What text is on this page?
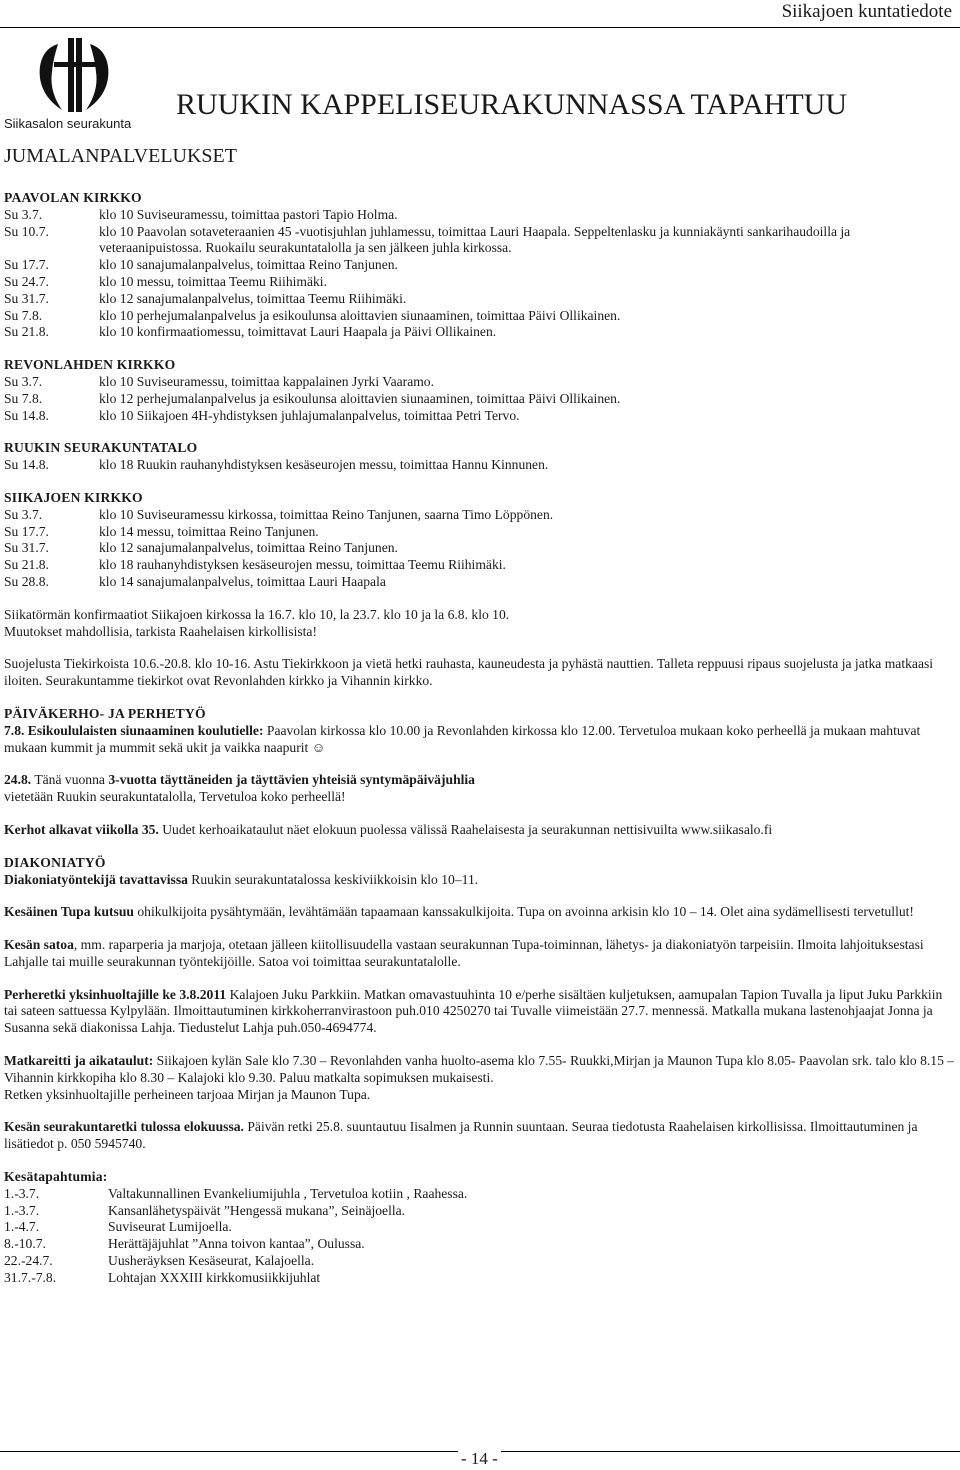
Siikajoen kuntatiedote
Siikasalon seurakunta
RUUKIN KAPPELISEURAKUNNASSA TAPAHTUU
JUMALANPALVELUKSET
PAAVOLAN KIRKKO
Su 3.7.	klo 10 Suviseuramessu, toimittaa pastori Tapio Holma.
Su 10.7.	klo 10 Paavolan sotaveteraanien 45 -vuotisjuhlan juhlamessu, toimittaa Lauri Haapala. Seppeltenlasku ja kunniakäynti sankarihaudoilla ja veteraanipuistossa. Ruokailu seurakuntatalolla ja sen jälkeen juhla kirkossa.
Su 17.7.	klo 10 sanajumalanpalvelus, toimittaa Reino Tanjunen.
Su 24.7.	klo 10 messu, toimittaa Teemu Riihimäki.
Su 31.7.	klo 12 sanajumalanpalvelus, toimittaa Teemu Riihimäki.
Su 7.8.	klo 10 perhejumalanpalvelus ja esikoulunsa aloittavien siunaaminen, toimittaa Päivi Ollikainen.
Su 21.8.	klo 10 konfirmaatiomessu, toimittavat Lauri Haapala ja Päivi Ollikainen.
REVONLAHDEN KIRKKO
Su 3.7.	klo 10 Suviseuramessu, toimittaa kappalainen Jyrki Vaaramo.
Su 7.8.	klo 12 perhejumalanpalvelus ja esikoulunsa aloittavien siunaaminen, toimittaa Päivi Ollikainen.
Su 14.8.	klo 10 Siikajoen 4H-yhdistyksen juhlajumalanpalvelus, toimittaa Petri Tervo.
RUUKIN SEURAKUNTATALO
Su 14.8.	klo 18 Ruukin rauhanyhdistyksen kesäseurojen messu, toimittaa Hannu Kinnunen.
SIIKAJOEN KIRKKO
Su 3.7.	klo 10 Suviseuramessu kirkossa, toimittaa Reino Tanjunen, saarna Timo Löppönen.
Su 17.7.	klo 14 messu, toimittaa Reino Tanjunen.
Su 31.7.	klo 12 sanajumalanpalvelus, toimittaa Reino Tanjunen.
Su 21.8.	klo 18 rauhanyhdistyksen kesäseurojen messu, toimittaa Teemu Riihimäki.
Su 28.8.	klo 14 sanajumalanpalvelus, toimittaa Lauri Haapala

Siikatörmän konfirmaatiot Siikajoen kirkossa la 16.7. klo 10, la 23.7. klo 10 ja la 6.8. klo 10.

Muutokset mahdollisia, tarkista Raahelaisen kirkollisista!

Suojelusta Tiekirkoista 10.6.-20.8. klo 10-16. Astu Tiekirkkoon ja vietä hetki rauhasta, kauneudesta ja pyhästä nauttien. Talleta reppuusi ripaus suojelusta ja jatka matkaasi iloiten. Seurakuntamme tiekirkot ovat Revonlahden kirkko ja Vihannin kirkko.

PÄIVÄKERHO- JA PERHETYÖ

7.8. Esikoululaisten siunaaminen koulutielle: Paavolan kirkossa klo 10.00 ja Revonlahden kirkossa klo 12.00. Tervetuloa mukaan koko perheellä ja mukaan mahtuvat mukaan kummit ja mummit sekä ukit ja vaikka naapurit ☺

24.8. Tänä vuonna 3-vuotta täyttäneiden ja täyttävien yhteisiä syntymäpäiväjuhlia

vietetään Ruukin seurakuntatalolla, Tervetuloa koko perheellä!

Kerhot alkavat viikolla 35. Uudet kerhoaikataulut näet elokuun puolessa välissä Raahelaisesta ja seurakunnan nettisivuilta www.siikasalo.fi

DIAKONIATYÖ

Diakoniatyöntekijä tavattavissa Ruukin seurakuntatalossa keskiviikkoisin klo 10–11.

Kesäinen Tupa kutsuu ohikulkijoita pysähtymään, levähtämään tapaamaan kanssakulkijoita. Tupa on avoinna arkisin klo 10 – 14. Olet aina sydämellisesti tervetullut!

Kesän satoa, mm. raparperia ja marjoja, otetaan jälleen kiitollisuudella vastaan seurakunnan Tupa-toiminnan, lähetys- ja diakoniatyön tarpeisiin. Ilmoita lahjoituksestasi Lahjalle tai muille seurakunnan työntekijöille. Satoa voi toimittaa seurakuntatalolle.

Perheretki yksinhuoltajille ke 3.8.2011 Kalajoen Juku Parkkiin. Matkan omavastuuhinta 10 e/perhe sisältäen kuljetuksen, aamupalan Tapion Tuvalla ja liput Juku Parkkiin tai sateen sattuessa Kylpylään. Ilmoittautuminen kirkkoherranvirastoon puh.010 4250270 tai Tuvalle viimeistään 27.7. mennessä. Matkalla mukana lastenohjaajat Jonna ja Susanna sekä diakonissa Lahja. Tiedustelut Lahja puh.050-4694774.

Matkareitti ja aikataulut: Siikajoen kylän Sale klo 7.30 – Revonlahden vanha huolto-asema klo 7.55- Ruukki,Mirjan ja Maunon Tupa klo 8.05- Paavolan srk. talo klo 8.15 – Vihannin kirkkopiha klo 8.30 – Kalajoki klo 9.30. Paluu matkalta sopimuksen mukaisesti.

Retken yksinhuoltajille perheineen tarjoaa Mirjan ja Maunon Tupa.

Kesän seurakuntaretki tulossa elokuussa. Päivän retki 25.8. suuntautuu Iisalmen ja Runnin suuntaan. Seuraa tiedotusta Raahelaisen kirkollisissa. Ilmoittautuminen ja lisätiedot p. 050 5945740.

Kesätapahtumia:
1.-3.7.	Valtakunnallinen Evankeliumijuhla , Tervetuloa kotiin , Raahessa.
1.-3.7.	Kansanlähetyspäivät ”Hengessä mukana”, Seinäjoella.
1.-4.7.	Suviseurat Lumijoella.
8.-10.7.	Herättäjäjuhlat ”Anna toivon kantaa”, Oulussa.
22.-24.7.	Uusheräyksen Kesäseurat, Kalajoella.
31.7.-7.8.	Lohtajan XXXIII kirkkomusiikkijuhlat
- 14 -
